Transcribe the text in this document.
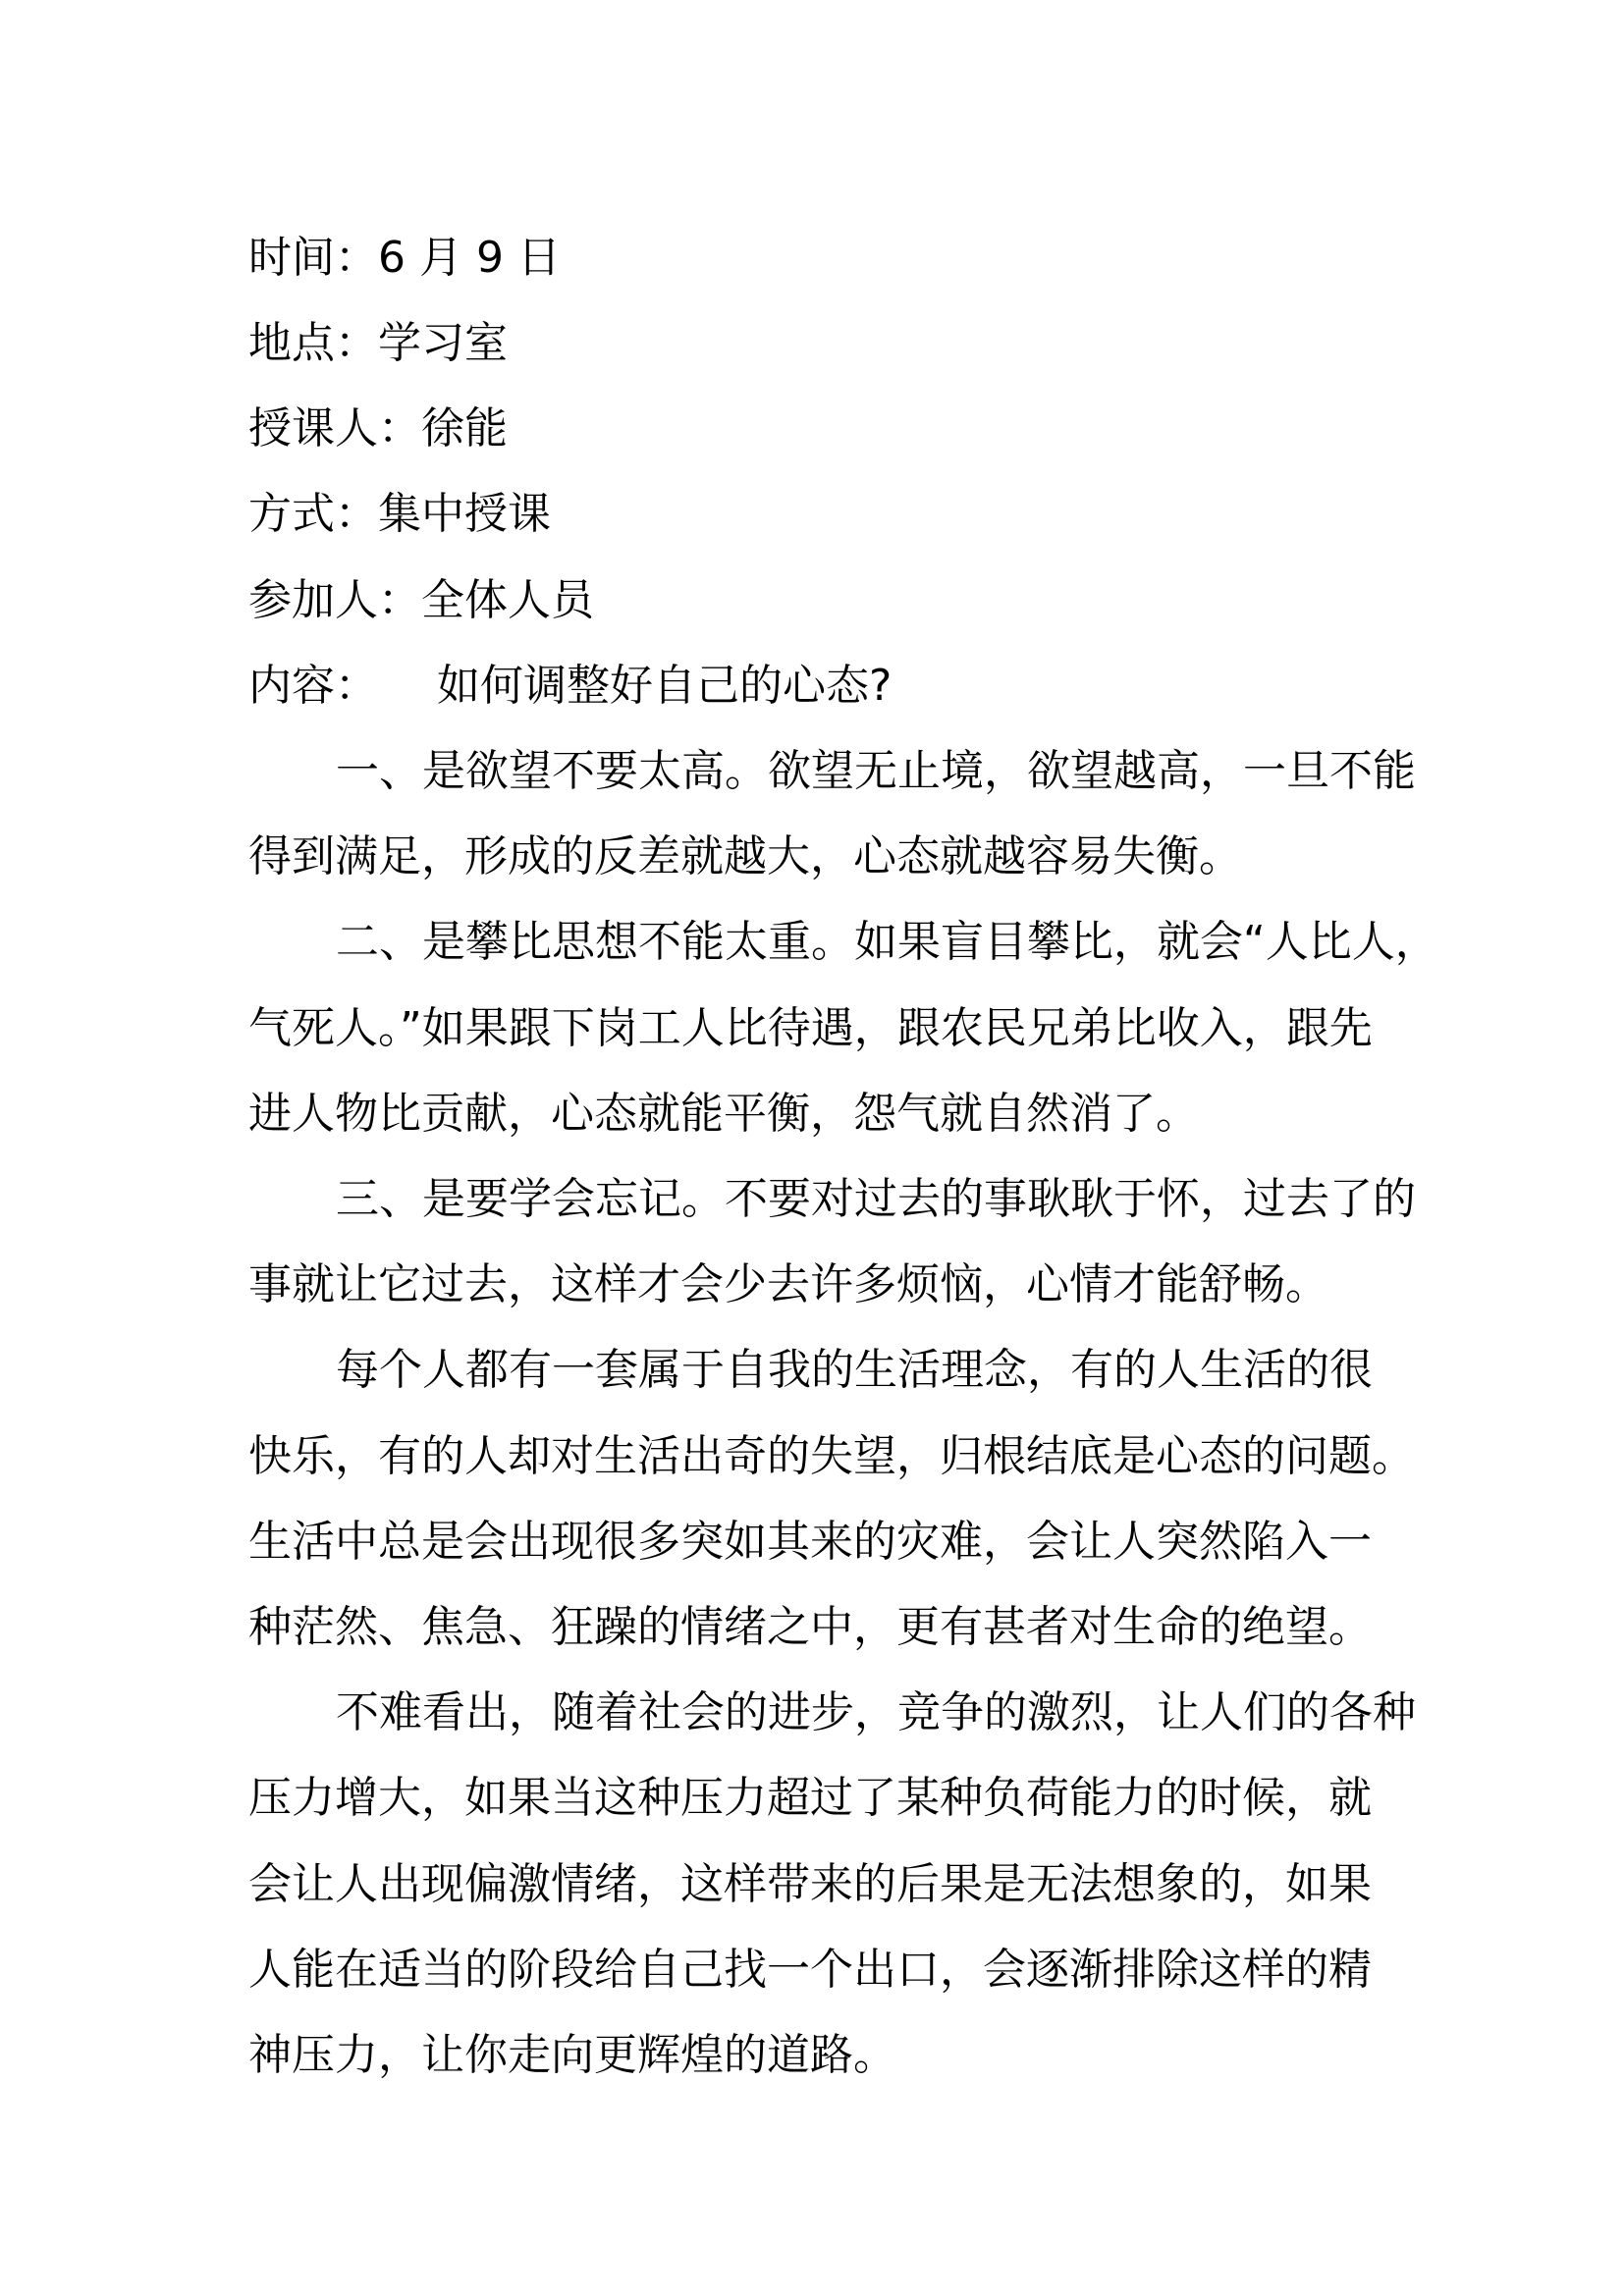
时间：6 月 9 日
地点：学习室
授课人：徐能
方式：集中授课
参加人：全体人员
内容： 如何调整好自己的心态?
一、是欲望不要太高。欲望无止境，欲望越高，一旦不能
得到满足，形成的反差就越大，心态就越容易失衡。
二、是攀比思想不能太重。如果盲目攀比，就会“人比人，
气死人。”如果跟下岗工人比待遇，跟农民兄弟比收入，跟先
进人物比贡献，心态就能平衡，怨气就自然消了。
三、是要学会忘记。不要对过去的事耿耿于怀，过去了的
事就让它过去，这样才会少去许多烦恼，心情才能舒畅。
每个人都有一套属于自我的生活理念，有的人生活的很
快乐，有的人却对生活出奇的失望，归根结底是心态的问题。
生活中总是会出现很多突如其来的灾难，会让人突然陷入一
种茫然、焦急、狂躁的情绪之中，更有甚者对生命的绝望。
不难看出，随着社会的进步，竞争的激烈，让人们的各种
压力增大，如果当这种压力超过了某种负荷能力的时候，就
会让人出现偏激情绪，这样带来的后果是无法想象的，如果
人能在适当的阶段给自己找一个出口，会逐渐排除这样的精
神压力，让你走向更辉煌的道路。
